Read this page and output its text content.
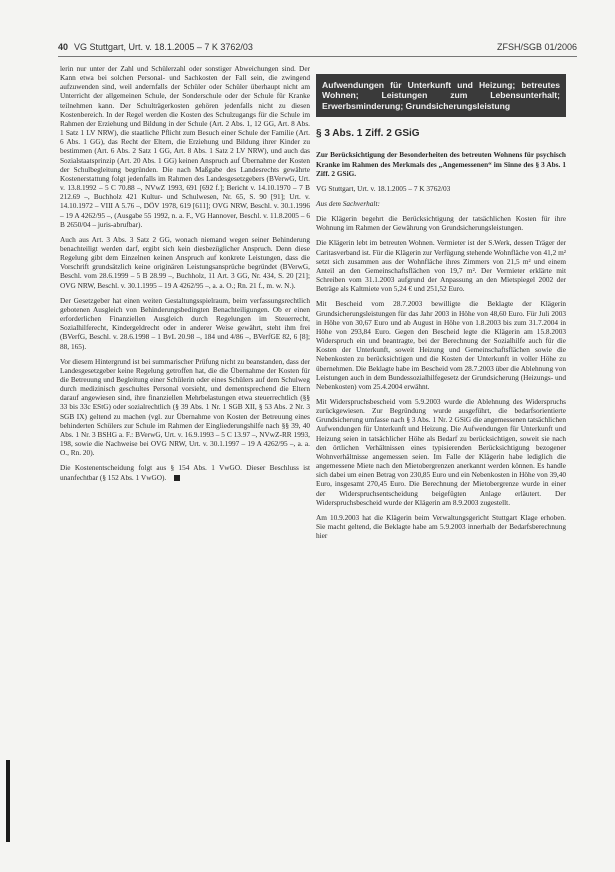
40 VG Stuttgart, Urt. v. 18.1.2005 – 7 K 3762/03	ZFSH/SGB 01/2006

lerin nur unter der Zahl und Schülerzahl oder sonstiger Abweichungen sind. Der Kann etwa bei solchen Personal- und Sachkosten der Fall sein, die zwingend aufzuwenden sind, weil andernfalls der Schüler oder Schüler überhaupt nicht am Unterricht der allgemeinen Schule, der Sonderschule oder der Schule für Kranke teilnehmen kann. Der Schulträgerkosten gehören jedenfalls nicht zu diesen Kostenbereich. In der Regel werden die Kosten des Schulzugangs für die Schule im Rahmen der Erziehung und Bildung in der Schule (Art. 2 Abs. 1, 12 GG, Art. 8 Abs. 1 Satz 1 LV NRW), die staatliche Pflicht zum Besuch einer Schule der Familie (Art. 6 Abs. 1 GG), das Recht der Eltern, die Erziehung und Bildung ihrer Kinder zu bestimmen (Art. 6 Abs. 2 Satz 1 GG, Art. 8 Abs. 1 Satz 2 LV NRW), und auch das Sozialstaatsprinzip (Art. 20 Abs. 1 GG) keinen Anspruch auf Übernahme der Kosten der Schulbegleitung begründen. Die nach Maßgabe des Landesrechts gewährte Kostenerstattung folgt jedenfalls im Rahmen des Landesgesetzgebers (BVerwG, Urt. v. 13.8.1992 – 5 C 70.88 –, NVwZ 1993, 691 [692 f.]; Bericht v. 14.10.1970 – 7 B 212.69 –, Buchholz 421 Kultur- und Schulwesen, Nr. 65, S. 90 [91]; Urt. v. 14.10.1972 – VIII A 5.76 –, DÖV 1978, 619 [611]; OVG NRW, Beschl. v. 30.1.1996 – 19 A 4262/95 –, (Ausgabe 55 1992, n. a. F., VG Hannover, Beschl. v. 11.8.2005 – 6 B 2650/04 – juris-abrufbar).

Auch aus Art. 3 Abs. 3 Satz 2 GG, wonach niemand wegen seiner Behinderung benachteiligt werden darf, ergibt sich kein diesbezüglicher Anspruch. Denn diese Regelung gibt dem Einzelnen keinen Anspruch auf konkrete Leistungen, dass die Vorschrift grundsätzlich keine originären Leistungsansprüche begründet (BVerwG, Beschl. vom 28.6.1999 – 5 B 28.99 –, Buchholz, 11 Art. 3 GG, Nr. 434, S. 20 [21]; OVG NRW, Beschl. v. 30.1.1995 – 19 A 4262/95 –, a. a. O.; Rn. 21 f., m. w. N.).

Der Gesetzgeber hat einen weiten Gestaltungsspielraum, beim verfassungsrechtlich gebotenen Ausgleich von Behinderungsbedingten Benachteiligungen. Ob er einen erforderlichen Finanziellen Ausgleich durch Regelungen im Steuerrecht, Sozialhilferecht, Kindergeldrecht oder in anderer Weise gewährt, steht ihm frei (BVerfG, Beschl. v. 28.6.1998 – 1 BvL 20.98 –, 184 und 4/86 –, BVerfGE 82, 6 [8]; 88, 165).

Vor diesem Hintergrund ist bei summarischer Prüfung nicht zu beanstanden, dass der Landesgesetzgeber keine Regelung getroffen hat, die die Übernahme der Kosten für die Betreuung und Begleitung einer Schülerin oder eines Schülers auf dem Schulweg durch medizinisch geschultes Personal vorsieht, und dementsprechend die Eltern darauf angewiesen sind, ihre finanziellen Mehrbelastungen etwa steuerrechtlich (§§ 33 bis 33c EStG) oder sozialrechtlich (§ 39 Abs. 1 Nr. 1 SGB XII, § 53 Abs. 2 Nr. 3 SGB IX) geltend zu machen (vgl. zur Übernahme von Kosten der Betreuung eines behinderten Schülers zur Schule im Rahmen der Eingliederungshilfe nach §§ 39, 40 Abs. 1 Nr. 3 BSHG a. F.: BVerwG, Urt. v. 16.9.1993 – 5 C 13.97 –, NVwZ-RR 1993, 198, sowie die Nachweise bei OVG NRW, Urt. v. 30.1.1997 – 19 A 4262/95 –, a. a. O., Rn. 20).

Die Kostenentscheidung folgt aus § 154 Abs. 1 VwGO. Dieser Beschluss ist unanfechtbar (§ 152 Abs. 1 VwGO).

Aufwendungen für Unterkunft und Heizung; betreutes Wohnen; Leistungen zum Lebensunterhalt; Erwerbsminderung; Grundsicherungsleistung
§ 3 Abs. 1 Ziff. 2 GSiG

Zur Berücksichtigung der Besonderheiten des betreuten Wohnens für psychisch Kranke im Rahmen des Merkmals des „Angemessenen“ im Sinne des § 3 Abs. 1 Ziff. 2 GSiG.

VG Stuttgart, Urt. v. 18.1.2005 – 7 K 3762/03

Aus dem Sachverhalt:

Die Klägerin begehrt die Berücksichtigung der tatsächlichen Kosten für ihre Wohnung im Rahmen der Gewährung von Grundsicherungsleistungen.

Die Klägerin lebt im betreuten Wohnen. Vermieter ist der S.Werk, dessen Träger der Caritasverband ist. Für die Klägerin zur Verfügung stehende Wohnfläche von 41,2 m² setzt sich zusammen aus der Wohnfläche ihres Zimmers von 21,5 m² und einem Anteil an den Gemeinschaftsflächen von 19,7 m². Der Vermieter erklärte mit Schreiben vom 31.1.2003 aufgrund der Anpassung an den Mietspiegel 2002 der Beträge als Kaltmiete von 5,24 € und 251,52 Euro.

Mit Bescheid vom 28.7.2003 bewilligte die Beklagte der Klägerin Grundsicherungsleistungen für das Jahr 2003 in Höhe von 48,60 Euro. Für Juli 2003 in Höhe von 30,67 Euro und ab August in Höhe von 1.8.2003 bis zum 31.7.2004 in Höhe von 293,84 Euro. Gegen den Bescheid legte die Klägerin am 15.8.2003 Widerspruch ein und beantragte, bei der Berechnung der Sozialhilfe auch für die Kosten der Unterkunft, soweit Heizung und Gemeinschaftsflächen sowie die Nebenkosten zu berücksichtigen und die Kosten der Unterkunft in voller Höhe zu übernehmen. Die Beklagte habe im Bescheid vom 28.7.2003 über die Ablehnung von Leistungen auch in dem Bundessozialhilfegesetz der Grundsicherung (Heizungs- und Nebenkosten) vom 25.4.2004 erwähnt.

Mit Widerspruchsbescheid vom 5.9.2003 wurde die Ablehnung des Widerspruchs zurückgewiesen. Zur Begründung wurde ausgeführt, die bedarfsorientierte Grundsicherung umfasse nach § 3 Abs. 1 Nr. 2 GSiG die angemessenen tatsächlichen Aufwendungen für Unterkunft und Heizung. Die Aufwendungen für Unterkunft und Heizung seien in tatsächlicher Höhe als Bedarf zu berücksichtigen, soweit sie nach den örtlichen Verhältnissen eines typisierenden Berücksichtigung bezogener Wohnverhältnisse angemessen seien. Im Falle der Klägerin habe lediglich die angemessene Miete nach den Mietobergrenzen anerkannt werden können. Es handle sich dabei um einen Betrag von 230,85 Euro und ein Nebenkosten in Höhe von 39,40 Euro, insgesamt 270,45 Euro. Die Berechnung der Mietobergrenze wurde in einer der Widerspruchsentscheidung beigefügten Anlage erläutert. Der Widerspruchsbescheid wurde der Klägerin am 8.9.2003 zugestellt.

Am 10.9.2003 hat die Klägerin beim Verwaltungsgericht Stuttgart Klage erhoben. Sie macht geltend, die Beklagte habe am 5.9.2003 innerhalb der Bedarfsberechnung hier
